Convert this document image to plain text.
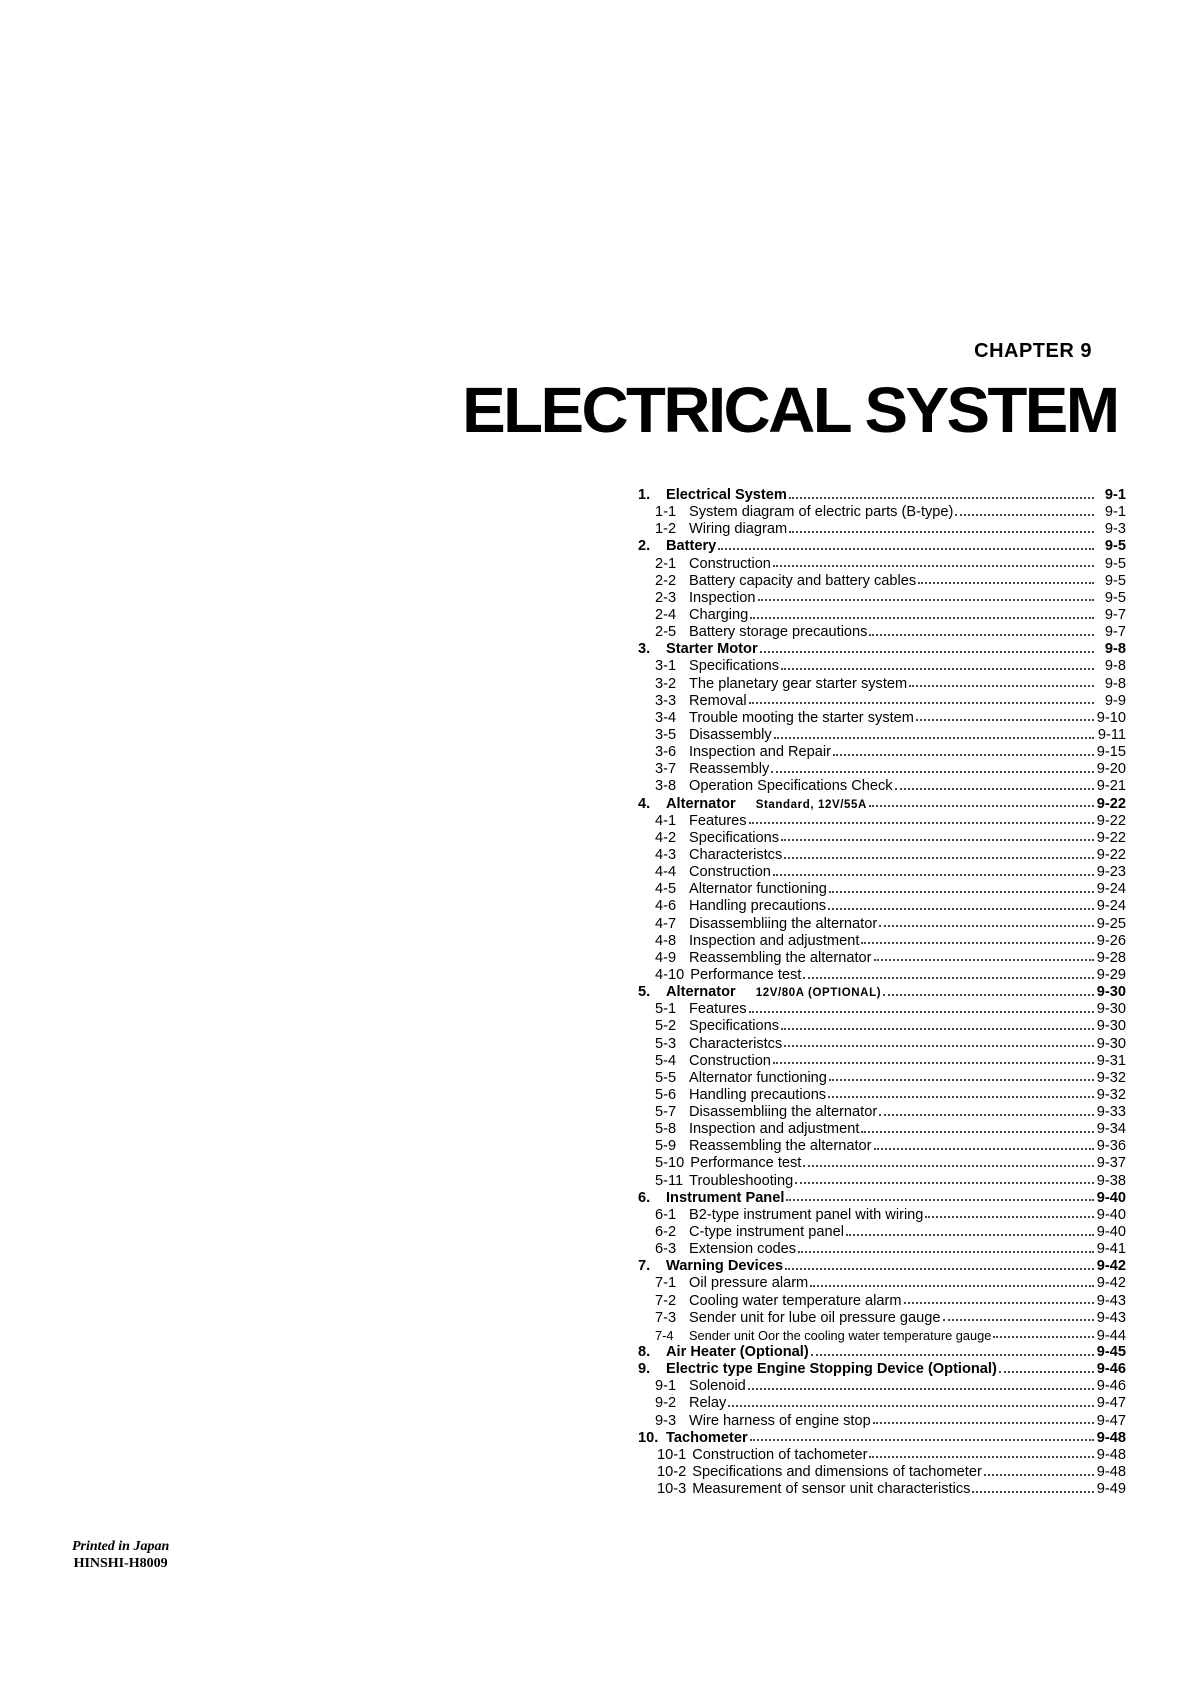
CHAPTER 9
ELECTRICAL SYSTEM
1.	Electrical System	9-1
1-1 System diagram of electric parts (B-type)	9-1
1-2 Wiring diagram	9-3
2.	Battery	9-5
2-1 Construction	9-5
2-2 Battery capacity and battery cables	9-5
2-3 Inspection	9-5
2-4 Charging	9-7
2-5 Battery storage precautions	9-7
3.	Starter Motor	9-8
3-1 Specifications	9-8
3-2 The planetary gear starter system	9-8
3-3 Removal	9-9
3-4 Trouble mooting the starter system	9-10
3-5 Disassembly	9-11
3-6 Inspection and Repair	9-15
3-7 Reassembly	9-20
3-8 Operation Specifications Check	9-21
4.	Alternator Standard, 12V/55A	9-22
4-1 Features	9-22
4-2 Specifications	9-22
4-3 Characteristcs	9-22
4-4 Construction	9-23
4-5 Alternator functioning	9-24
4-6 Handling precautions	9-24
4-7 Disassembliing the alternator	9-25
4-8 Inspection and adjustment	9-26
4-9 Reassembling the alternator	9-28
4-10 Performance test	9-29
5.	Alternator 12V/80A (OPTIONAL)	9-30
5-1 Features	9-30
5-2 Specifications	9-30
5-3 Characteristcs	9-30
5-4 Construction	9-31
5-5 Alternator functioning	9-32
5-6 Handling precautions	9-32
5-7 Disassembliing the alternator	9-33
5-8 Inspection and adjustment	9-34
5-9 Reassembling the alternator	9-36
5-10 Performance test	9-37
5-11 Troubleshooting	9-38
6.	Instrument Panel	9-40
6-1 B2-type instrument panel with wiring	9-40
6-2 C-type instrument panel	9-40
6-3 Extension codes	9-41
7.	Warning Devices	9-42
7-1 Oil pressure alarm	9-42
7-2 Cooling water temperature alarm	9-43
7-3 Sender unit for lube oil pressure gauge	9-43
7-4	Sender unit Oor the cooling water temperature gauge	9-44
8.	Air Heater (Optional)	9-45
9.	Electric type Engine Stopping Device (Optional)	9-46
9-1 Solenoid	9-46
9-2 Relay	9-47
9-3 Wire harness of engine stop	9-47
10. Tachometer	9-48
10-1 Construction of tachometer	9-48
10-2 Specifications and dimensions of tachometer	9-48
10-3 Measurement of sensor unit characteristics	9-49
Printed in Japan
HINSHI-H8009
